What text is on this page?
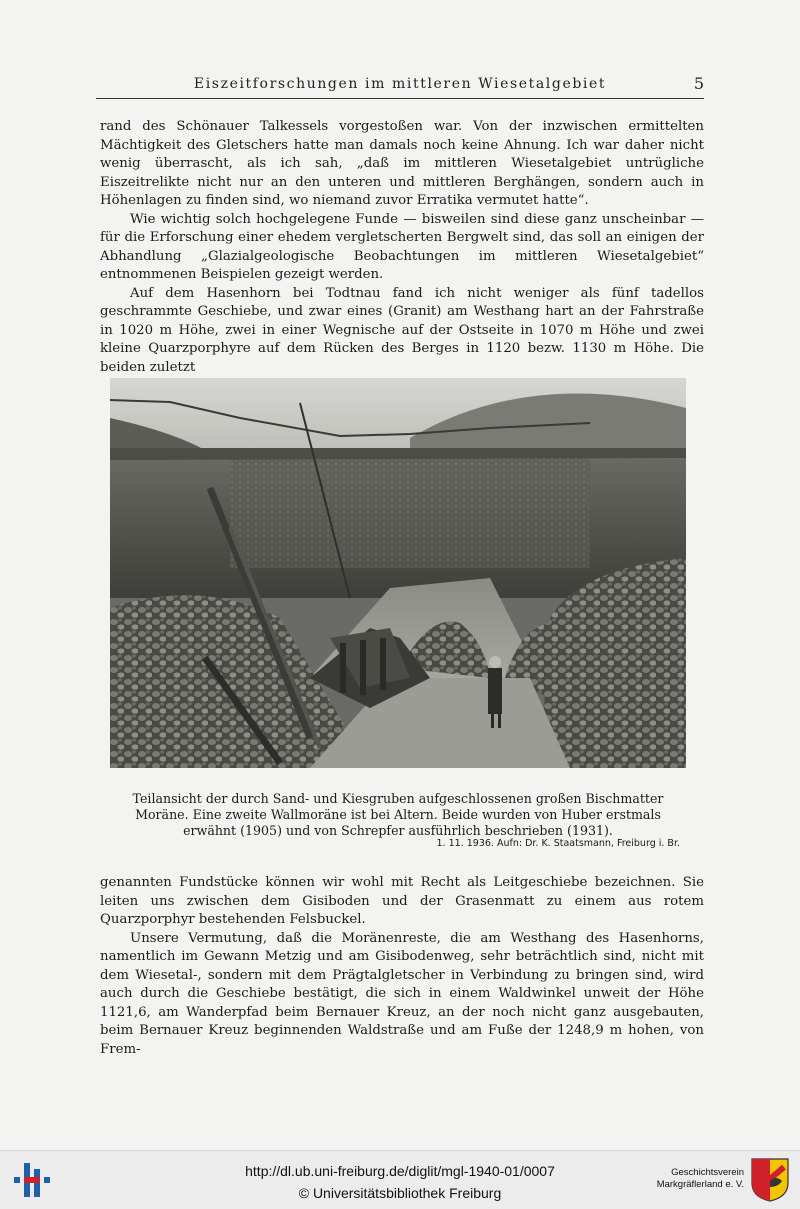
Eiszeitforschungen im mittleren Wiesetalgebiet	5

rand des Schönauer Talkessels vorgestoßen war. Von der inzwischen ermittelten Mächtigkeit des Gletschers hatte man damals noch keine Ahnung. Ich war daher nicht wenig überrascht, als ich sah, „daß im mittleren Wiesetalgebiet untrügliche Eiszeitrelikte nicht nur an den unteren und mittleren Berghängen, sondern auch in Höhenlagen zu finden sind, wo niemand zuvor Erratika vermutet hatte“.

Wie wichtig solch hochgelegene Funde — bisweilen sind diese ganz unscheinbar — für die Erforschung einer ehedem vergletscherten Bergwelt sind, das soll an einigen der Abhandlung „Glazialgeologische Beobachtungen im mittleren Wiesetalgebiet“ entnommenen Beispielen gezeigt werden.

Auf dem Hasenhorn bei Todtnau fand ich nicht weniger als fünf tadellos geschrammte Geschiebe, und zwar eines (Granit) am Westhang hart an der Fahrstraße in 1020 m Höhe, zwei in einer Wegnische auf der Ostseite in 1070 m Höhe und zwei kleine Quarzporphyre auf dem Rücken des Berges in 1120 bezw. 1130 m Höhe. Die beiden zuletzt

Teilansicht der durch Sand- und Kiesgruben aufgeschlossenen großen Bischmatter Moräne. Eine zweite Wallmoräne ist bei Altern. Beide wurden von Huber erstmals erwähnt (1905) und von Schrepfer ausführlich beschrieben (1931).
1. 11. 1936. Aufn: Dr. K. Staatsmann, Freiburg i. Br.

genannten Fundstücke können wir wohl mit Recht als Leitgeschiebe bezeichnen. Sie leiten uns zwischen dem Gisiboden und der Grasenmatt zu einem aus rotem Quarzporphyr bestehenden Felsbuckel.

Unsere Vermutung, daß die Moränenreste, die am Westhang des Hasenhorns, namentlich im Gewann Metzig und am Gisibodenweg, sehr beträchtlich sind, nicht mit dem Wiesetal-, sondern mit dem Prägtalgletscher in Verbindung zu bringen sind, wird auch durch die Geschiebe bestätigt, die sich in einem Waldwinkel unweit der Höhe 1121,6, am Wanderpfad beim Bernauer Kreuz, an der noch nicht ganz ausgebauten, beim Bernauer Kreuz beginnenden Waldstraße und am Fuße der 1248,9 m hohen, von Frem-

http://dl.ub.uni-freiburg.de/diglit/mgl-1940-01/0007
© Universitätsbibliothek Freiburg
Geschichtsverein
Markgräflerland e. V.
